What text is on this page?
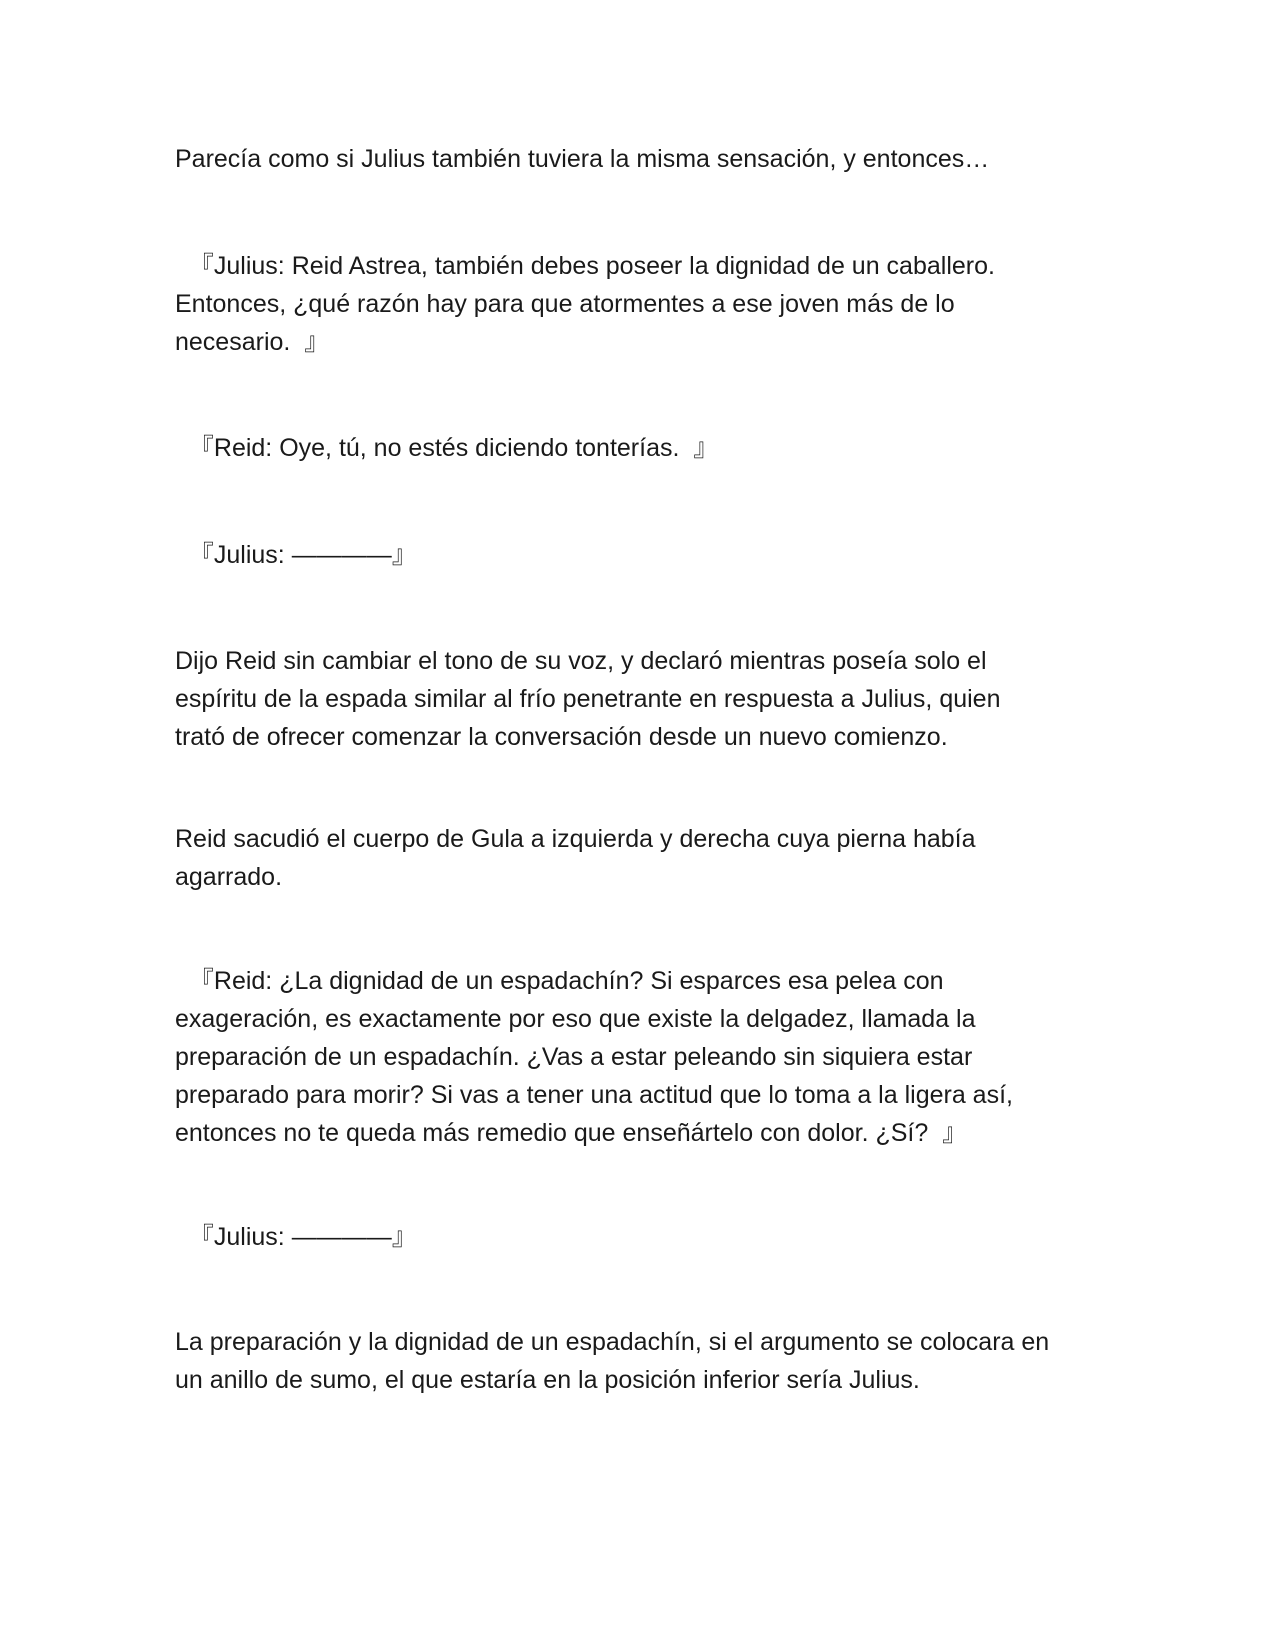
Parecía como si Julius también tuviera la misma sensación, y entonces…

『Julius: Reid Astrea, también debes poseer la dignidad de un caballero.
Entonces, ¿qué razón hay para que atormentes a ese joven más de lo
necesario.  』

『Reid: Oye, tú, no estés diciendo tonterías.  』

『Julius: ————』

Dijo Reid sin cambiar el tono de su voz, y declaró mientras poseía solo el
espíritu de la espada similar al frío penetrante en respuesta a Julius, quien
trató de ofrecer comenzar la conversación desde un nuevo comienzo.

Reid sacudió el cuerpo de Gula a izquierda y derecha cuya pierna había
agarrado.

『Reid: ¿La dignidad de un espadachín? Si esparces esa pelea con
exageración, es exactamente por eso que existe la delgadez, llamada la
preparación de un espadachín. ¿Vas a estar peleando sin siquiera estar
preparado para morir? Si vas a tener una actitud que lo toma a la ligera así,
entonces no te queda más remedio que enseñártelo con dolor. ¿Sí?  』

『Julius: ————』

La preparación y la dignidad de un espadachín, si el argumento se colocara en
un anillo de sumo, el que estaría en la posición inferior sería Julius.
